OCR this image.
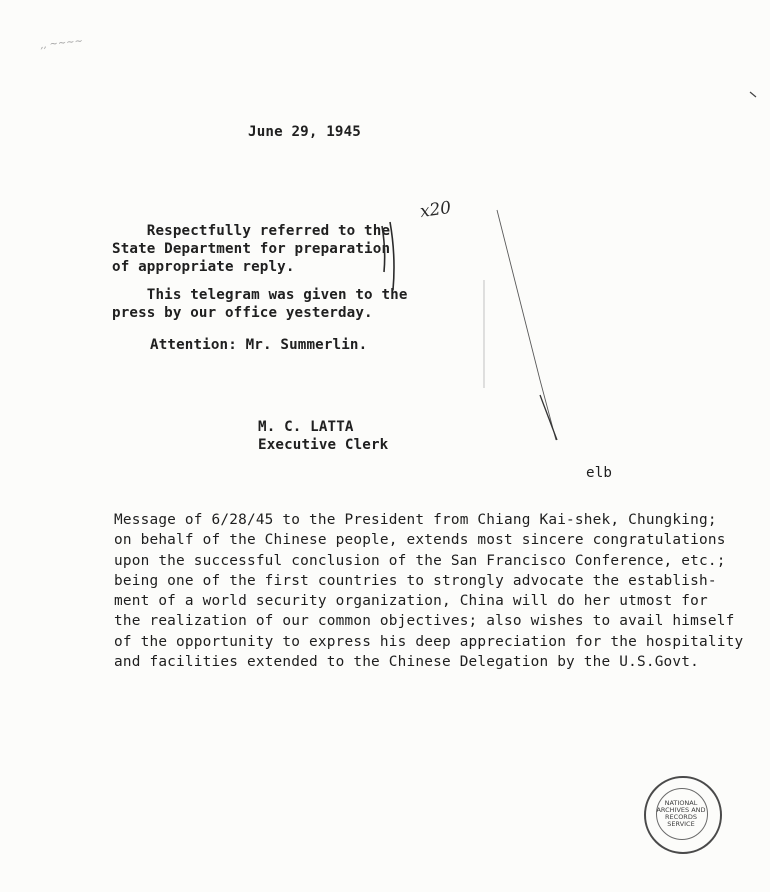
,, ~~~~
June 29, 1945
Respectfully referred to the
State Department for preparation
of appropriate reply.
x20
This telegram was given to the
press by our office yesterday.
Attention: Mr. Summerlin.
M. C. LATTA
Executive Clerk
elb
Message of 6/28/45 to the President from Chiang Kai-shek, Chungking;
on behalf of the Chinese people, extends most sincere congratulations
upon the successful conclusion of the San Francisco Conference, etc.;
being one of the first countries to strongly advocate the establish-
ment of a world security organization, China will do her utmost for
the realization of our common objectives; also wishes to avail himself
of the opportunity to express his deep appreciation for the hospitality
and facilities extended to the Chinese Delegation by the U.S.Govt.
NATIONAL
ARCHIVES AND
RECORDS
SERVICE
